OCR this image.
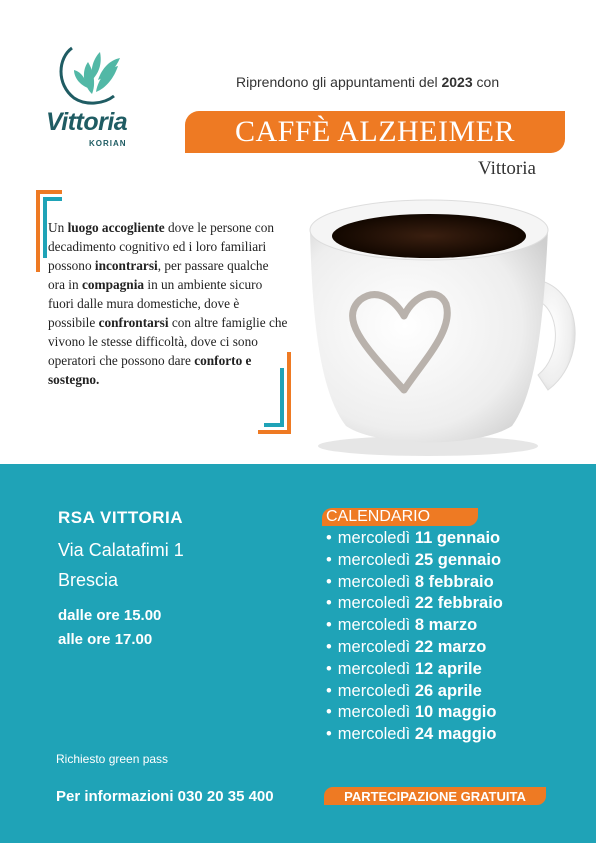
Vittoria
KORIAN
Riprendono gli appuntamenti del 2023 con
CAFFÈ ALZHEIMER
Vittoria
Un luogo accogliente dove le persone con decadimento cognitivo ed i loro familiari possono incontrarsi, per passare qualche ora in compagnia in un ambiente sicuro fuori dalle mura domestiche, dove è possibile confrontarsi con altre famiglie che vivono le stesse difficoltà, dove ci sono operatori che possono dare conforto e sostegno.
RSA VITTORIA
Via Calatafimi 1
Brescia
dalle ore 15.00
alle ore 17.00
Richiesto green pass
Per informazioni 030 20 35 400
CALENDARIO
• mercoledì 11 gennaio
• mercoledì 25 gennaio
• mercoledì 8 febbraio
• mercoledì 22 febbraio
• mercoledì 8 marzo
• mercoledì 22 marzo
• mercoledì 12 aprile
• mercoledì 26 aprile
• mercoledì 10 maggio
• mercoledì 24 maggio
PARTECIPAZIONE GRATUITA
